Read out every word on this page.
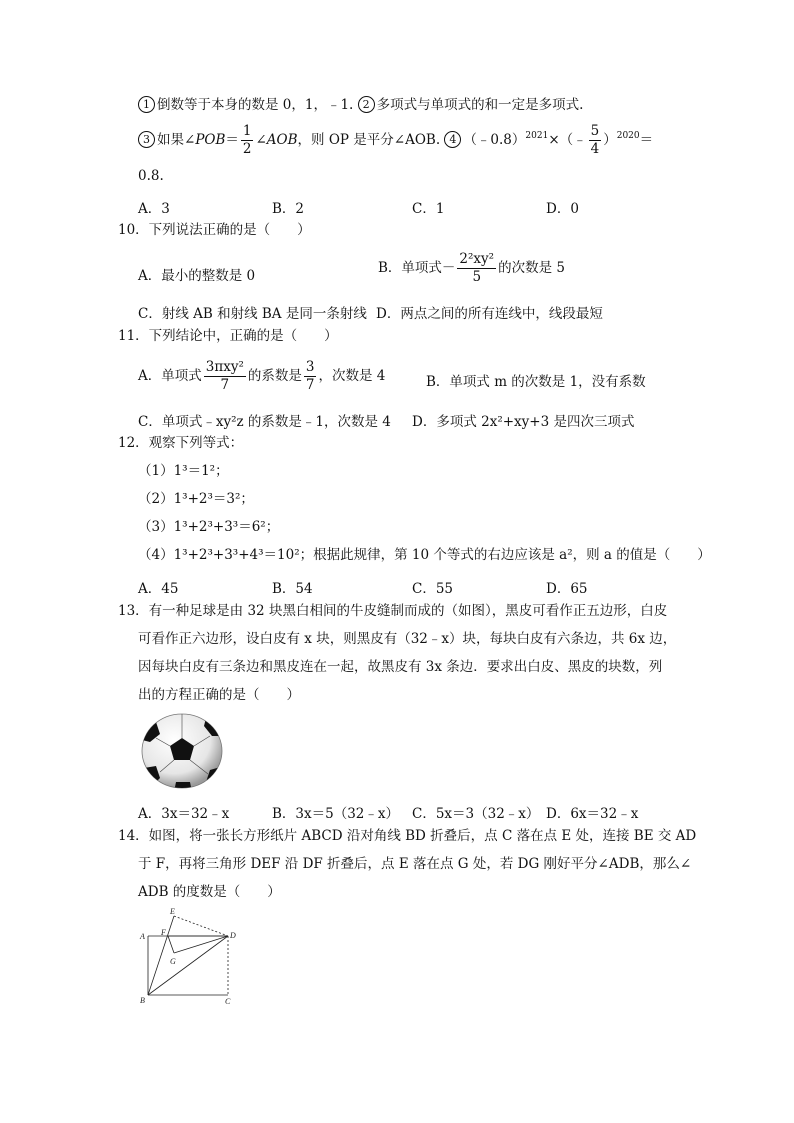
1 倒数等于本身的数是 0，1，﹣1. 2 多项式与单项式的和一定是多项式.
3 如果∠POB＝ $\frac{1}{2}$ ∠AOB，则 OP 是平分∠AOB. 4 （﹣0.8）$^{2021}$×（﹣ $\frac{5}{4} )^{2020}=$
0.8.
A．3	B．2	C．1	D．0
10．下列说法正确的是（　　）
A．最小的整数是 0
B．单项式－ $\frac{\text{2²xy²}}{5}$ 的次数是 5
C．射线 AB 和射线 BA 是同一条射线 D．两点之间的所有连线中，线段最短
11．下列结论中，正确的是（　　）
A．单项式 $\frac{\text{3πxy²}}{7}$ 的系数是 $\frac{3}{7}$ ，次数是 4	B．单项式 m 的次数是 1，没有系数
C．单项式﹣xy²z 的系数是﹣1，次数是 4 D．多项式 2x²+xy+3 是四次三项式
12．观察下列等式：
（1）1³＝1²；
（2）1³+2³＝3²；
（3）1³+2³+3³＝6²；
（4）1³+2³+3³+4³＝10²；根据此规律，第 10 个等式的右边应该是 a²，则 a 的值是（　　）
A．45	B．54	C．55	D．65
13．有一种足球是由 32 块黑白相间的牛皮缝制而成的（如图），黑皮可看作正五边形，白皮
可看作正六边形，设白皮有 x 块，则黑皮有（32﹣x）块，每块白皮有六条边，共 6x 边，
因每块白皮有三条边和黑皮连在一起，故黑皮有 3x 条边．要求出白皮、黑皮的块数，列
出的方程正确的是（　　）
A．3x＝32﹣x	B．3x＝5（32﹣x） C．5x＝3（32﹣x） D．6x＝32﹣x
14．如图，将一张长方形纸片 ABCD 沿对角线 BD 折叠后，点 C 落在点 E 处，连接 BE 交 AD
于 F，再将三角形 DEF 沿 DF 折叠后，点 E 落在点 G 处，若 DG 刚好平分∠ADB，那么∠
ADB 的度数是（　　）
E
A F	D
G
B	C
